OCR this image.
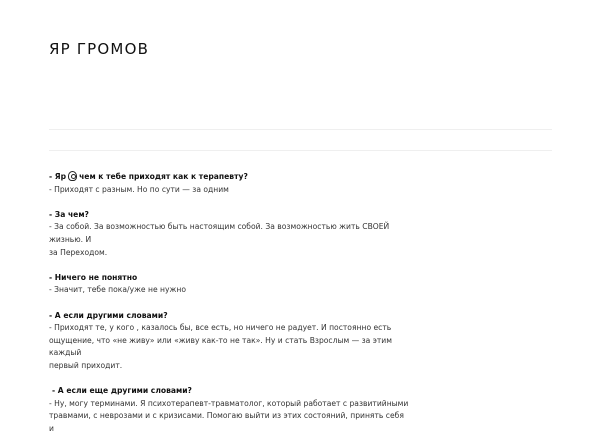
ЯР ГРОМОВ

- Яр чем к тебе приходят как к терапевту?

- Приходят с разным. Но по сути — за одним

- За чем?

- За собой. За возможностью быть настоящим собой. За возможностью жить СВОЕЙ жизнью. И

за Переходом.

- Ничего не понятно

- Значит, тебе пока/уже не нужно

- А если другими словами?

- Приходят те, у кого , казалось бы, все есть, но ничего не радует. И постоянно есть

ощущение, что «не живу» или «живу как-то не так». Ну и стать Взрослым — за этим каждый

первый приходит.

- А если еще другими словами?

- Ну, могу терминами. Я психотерапевт-травматолог, который работает с развитийными

травмами, с неврозами и с кризисами. Помогаю выйти из этих состояний, принять себя и
